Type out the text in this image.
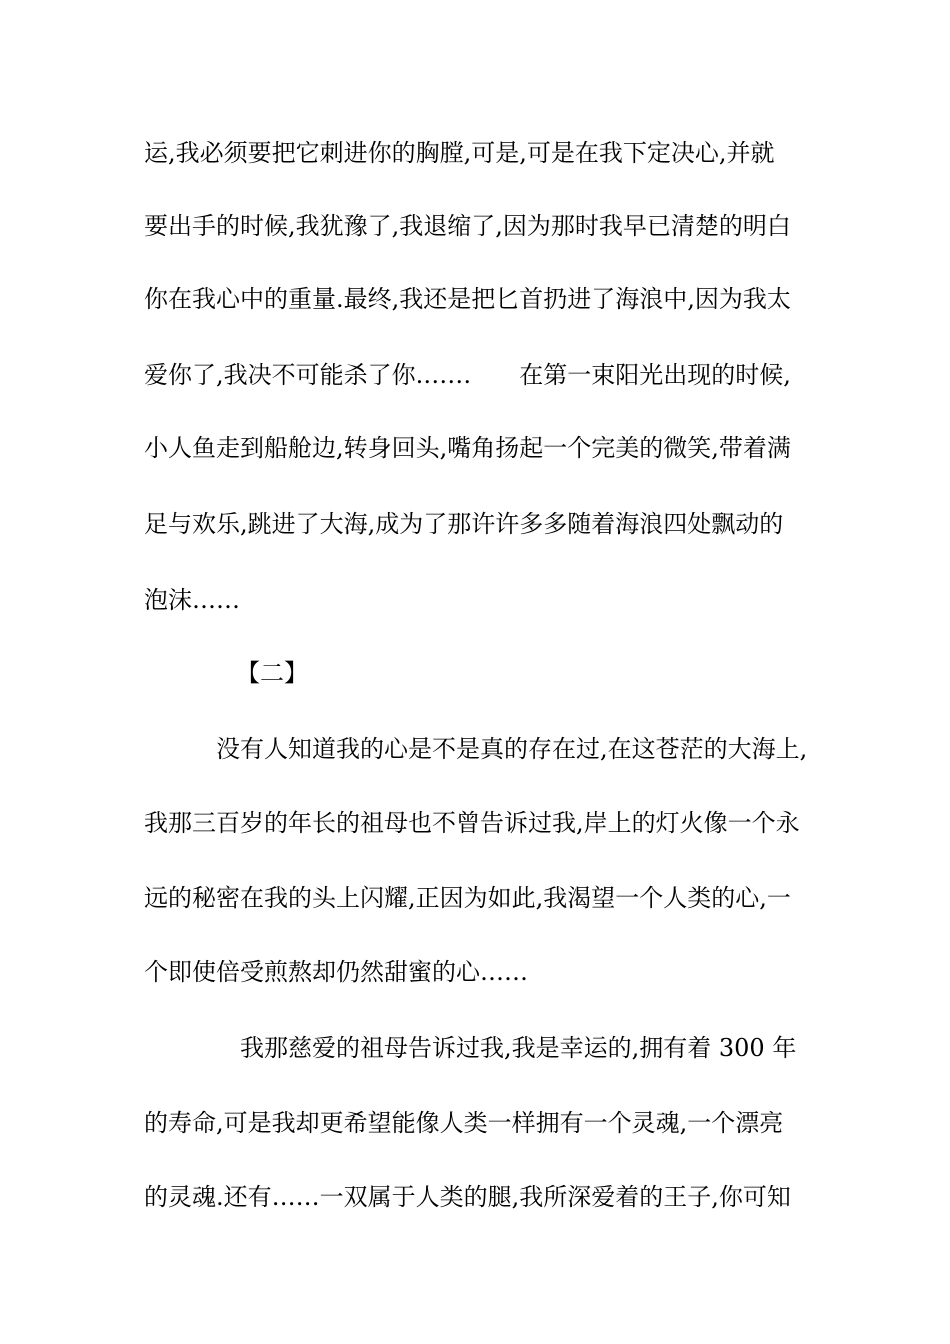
运,我必须要把它刺进你的胸膛,可是,可是在我下定决心,并就
要出手的时候,我犹豫了,我退缩了,因为那时我早已清楚的明白
你在我心中的重量.最终,我还是把匕首扔进了海浪中,因为我太
爱你了,我决不可能杀了你.……　　在第一束阳光出现的时候,
小人鱼走到船舱边,转身回头,嘴角扬起一个完美的微笑,带着满
足与欢乐,跳进了大海,成为了那许许多多随着海浪四处飘动的
泡沫……
【二】
没有人知道我的心是不是真的存在过,在这苍茫的大海上,
我那三百岁的年长的祖母也不曾告诉过我,岸上的灯火像一个永
远的秘密在我的头上闪耀,正因为如此,我渴望一个人类的心,一
个即使倍受煎熬却仍然甜蜜的心……
我那慈爱的祖母告诉过我,我是幸运的,拥有着 300 年
的寿命,可是我却更希望能像人类一样拥有一个灵魂,一个漂亮
的灵魂.还有……一双属于人类的腿,我所深爱着的王子,你可知
